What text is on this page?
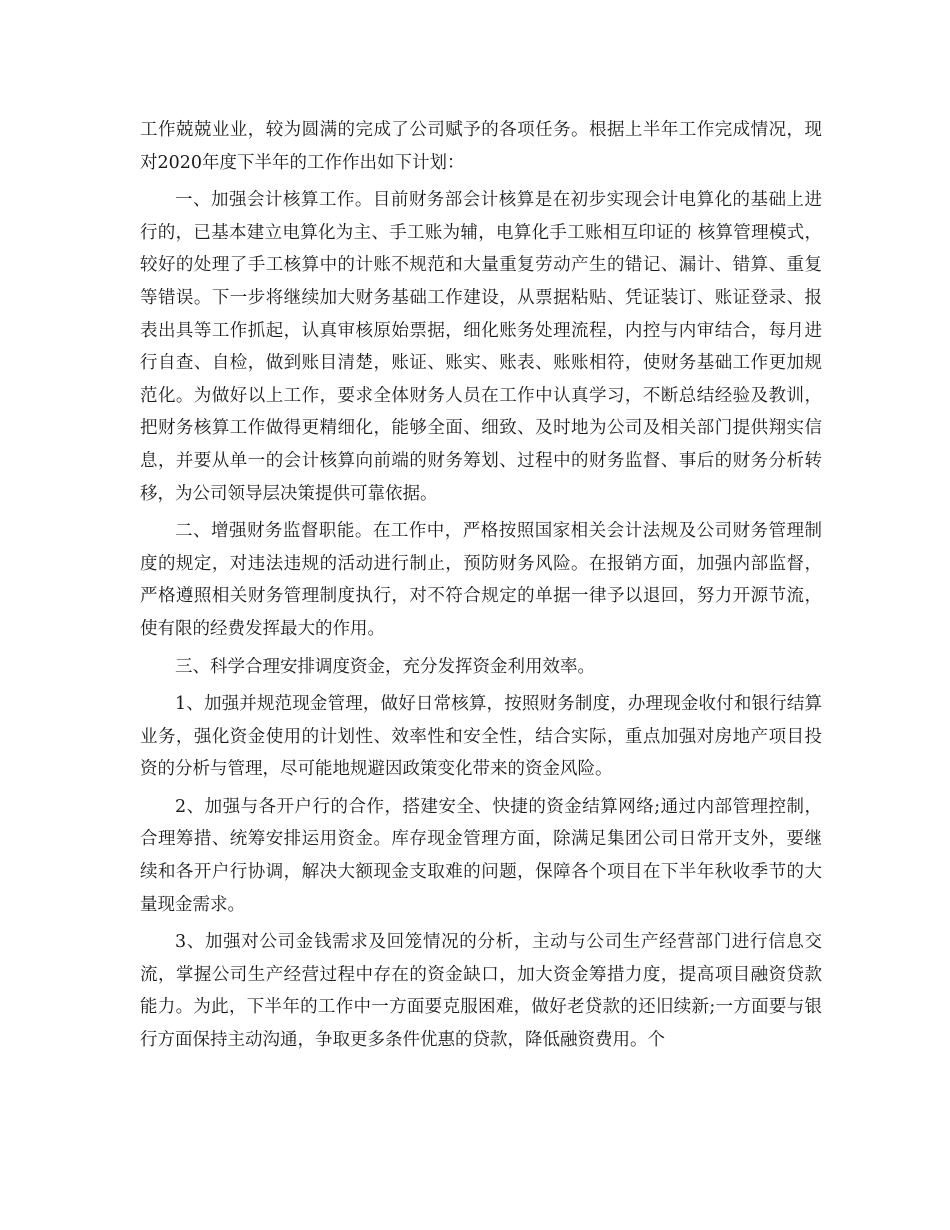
工作兢兢业业，较为圆满的完成了公司赋予的各项任务。根据上半年工作完成情况，现对2020年度下半年的工作作出如下计划：

一、加强会计核算工作。目前财务部会计核算是在初步实现会计电算化的基础上进行的，已基本建立电算化为主、手工账为辅，电算化手工账相互印证的 核算管理模式，较好的处理了手工核算中的计账不规范和大量重复劳动产生的错记、漏计、错算、重复等错误。下一步将继续加大财务基础工作建设，从票据粘贴、凭证装订、账证登录、报表出具等工作抓起，认真审核原始票据，细化账务处理流程，内控与内审结合，每月进行自查、自检，做到账目清楚，账证、账实、账表、账账相符，使财务基础工作更加规范化。为做好以上工作，要求全体财务人员在工作中认真学习，不断总结经验及教训，把财务核算工作做得更精细化，能够全面、细致、及时地为公司及相关部门提供翔实信息，并要从单一的会计核算向前端的财务筹划、过程中的财务监督、事后的财务分析转移，为公司领导层决策提供可靠依据。

二、增强财务监督职能。在工作中，严格按照国家相关会计法规及公司财务管理制度的规定，对违法违规的活动进行制止，预防财务风险。在报销方面，加强内部监督，严格遵照相关财务管理制度执行，对不符合规定的单据一律予以退回，努力开源节流，使有限的经费发挥最大的作用。

三、科学合理安排调度资金，充分发挥资金利用效率。

1、加强并规范现金管理，做好日常核算，按照财务制度，办理现金收付和银行结算业务，强化资金使用的计划性、效率性和安全性，结合实际，重点加强对房地产项目投资的分析与管理，尽可能地规避因政策变化带来的资金风险。

2、加强与各开户行的合作，搭建安全、快捷的资金结算网络;通过内部管理控制，合理筹措、统筹安排运用资金。库存现金管理方面，除满足集团公司日常开支外，要继续和各开户行协调，解决大额现金支取难的问题，保障各个项目在下半年秋收季节的大量现金需求。

3、加强对公司金钱需求及回笼情况的分析，主动与公司生产经营部门进行信息交流，掌握公司生产经营过程中存在的资金缺口，加大资金筹措力度，提高项目融资贷款能力。为此，下半年的工作中一方面要克服困难，做好老贷款的还旧续新;一方面要与银行方面保持主动沟通，争取更多条件优惠的贷款，降低融资费用。个
